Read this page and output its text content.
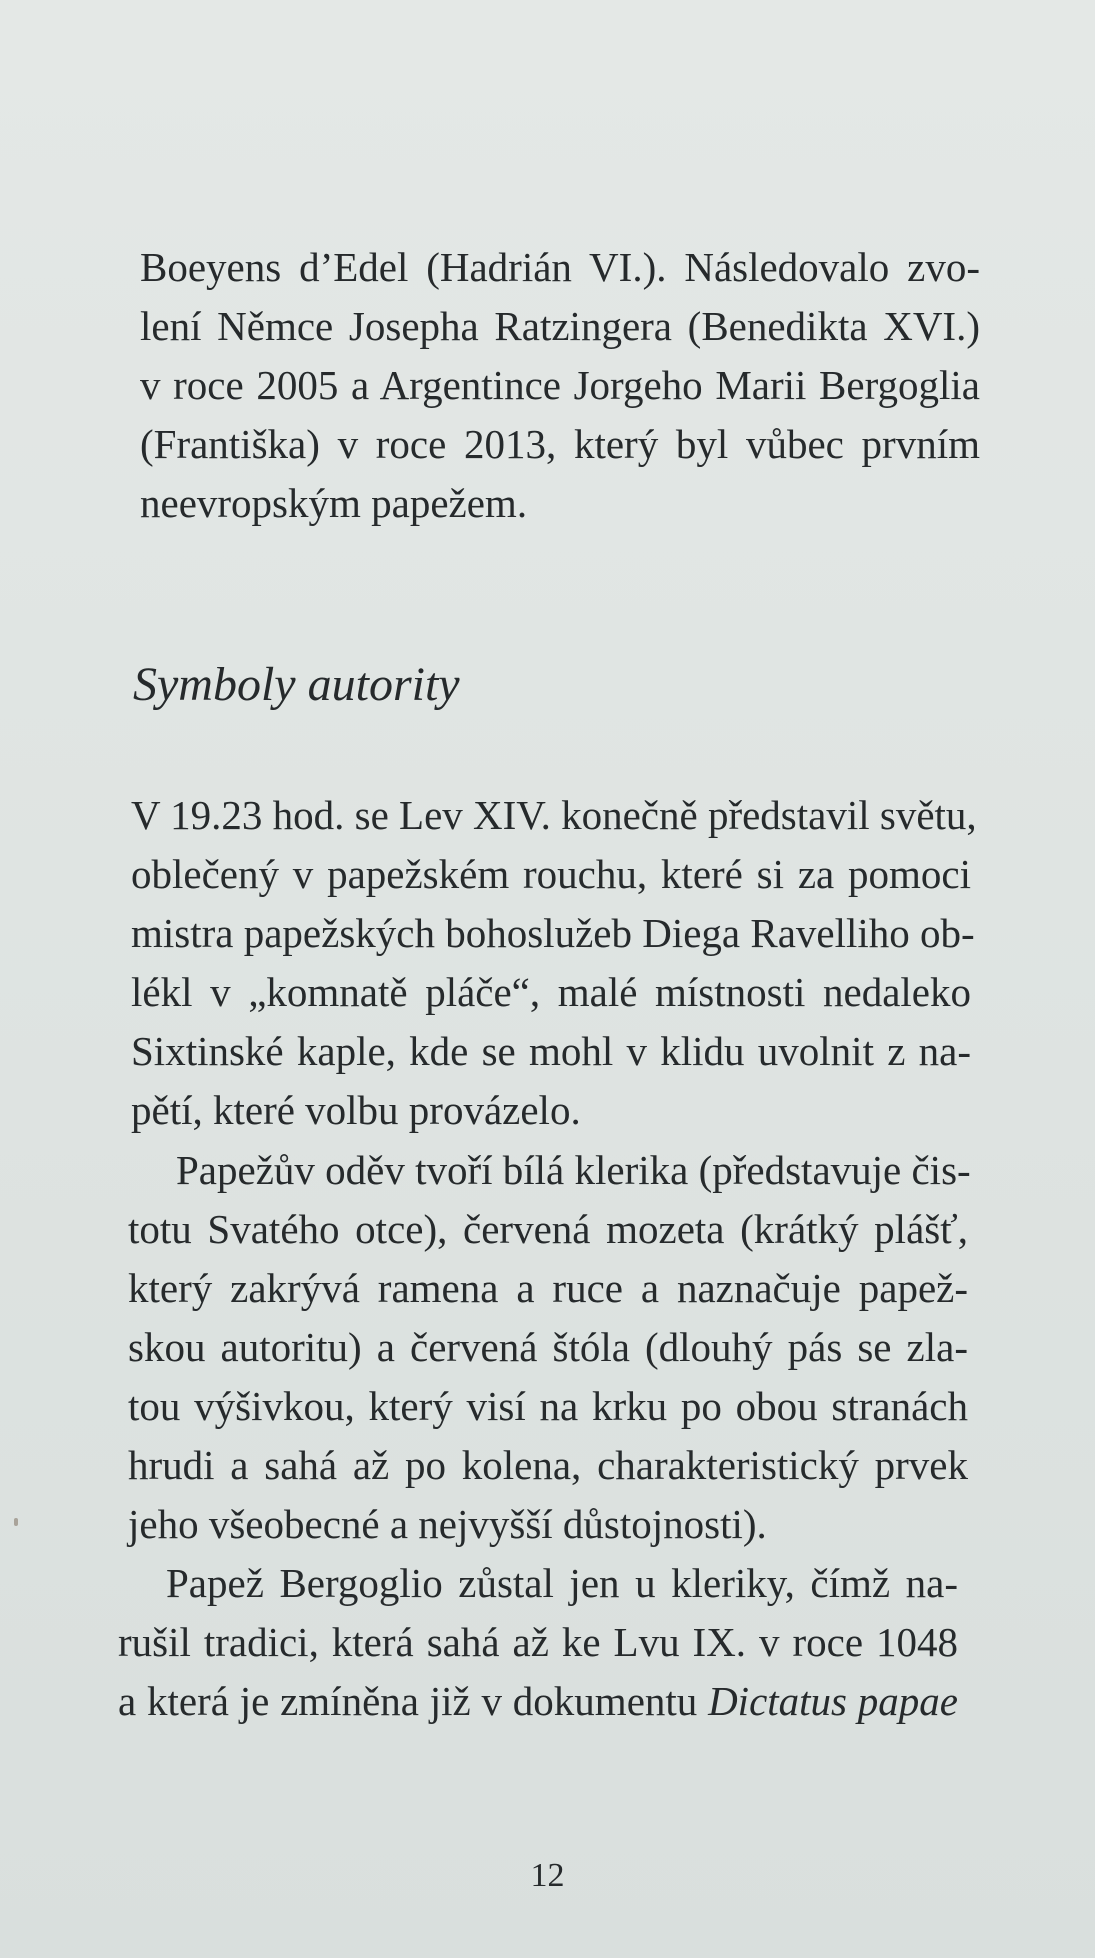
Boeyens d’Edel (Hadrián VI.). Následovalo zvo-
lení Němce Josepha Ratzingera (Benedikta XVI.)
v roce 2005 a Argentince Jorgeho Marii Bergoglia
(Františka) v roce 2013, který byl vůbec prvním
neevropským papežem.
Symboly autority
V 19.23 hod. se Lev XIV. konečně představil světu,
oblečený v papežském rouchu, které si za pomoci
mistra papežských bohoslužeb Diega Ravelliho ob-
lékl v „komnatě pláče“, malé místnosti nedaleko
Sixtinské kaple, kde se mohl v klidu uvolnit z na-
pětí, které volbu provázelo.
Papežův oděv tvoří bílá klerika (představuje čis-
totu Svatého otce), červená mozeta (krátký plášť,
který zakrývá ramena a ruce a naznačuje papež-
skou autoritu) a červená štóla (dlouhý pás se zla-
tou výšivkou, který visí na krku po obou stranách
hrudi a sahá až po kolena, charakteristický prvek
jeho všeobecné a nejvyšší důstojnosti).
Papež Bergoglio zůstal jen u kleriky, čímž na-
rušil tradici, která sahá až ke Lvu IX. v roce 1048
a která je zmíněna již v dokumentu Dictatus papae
12
